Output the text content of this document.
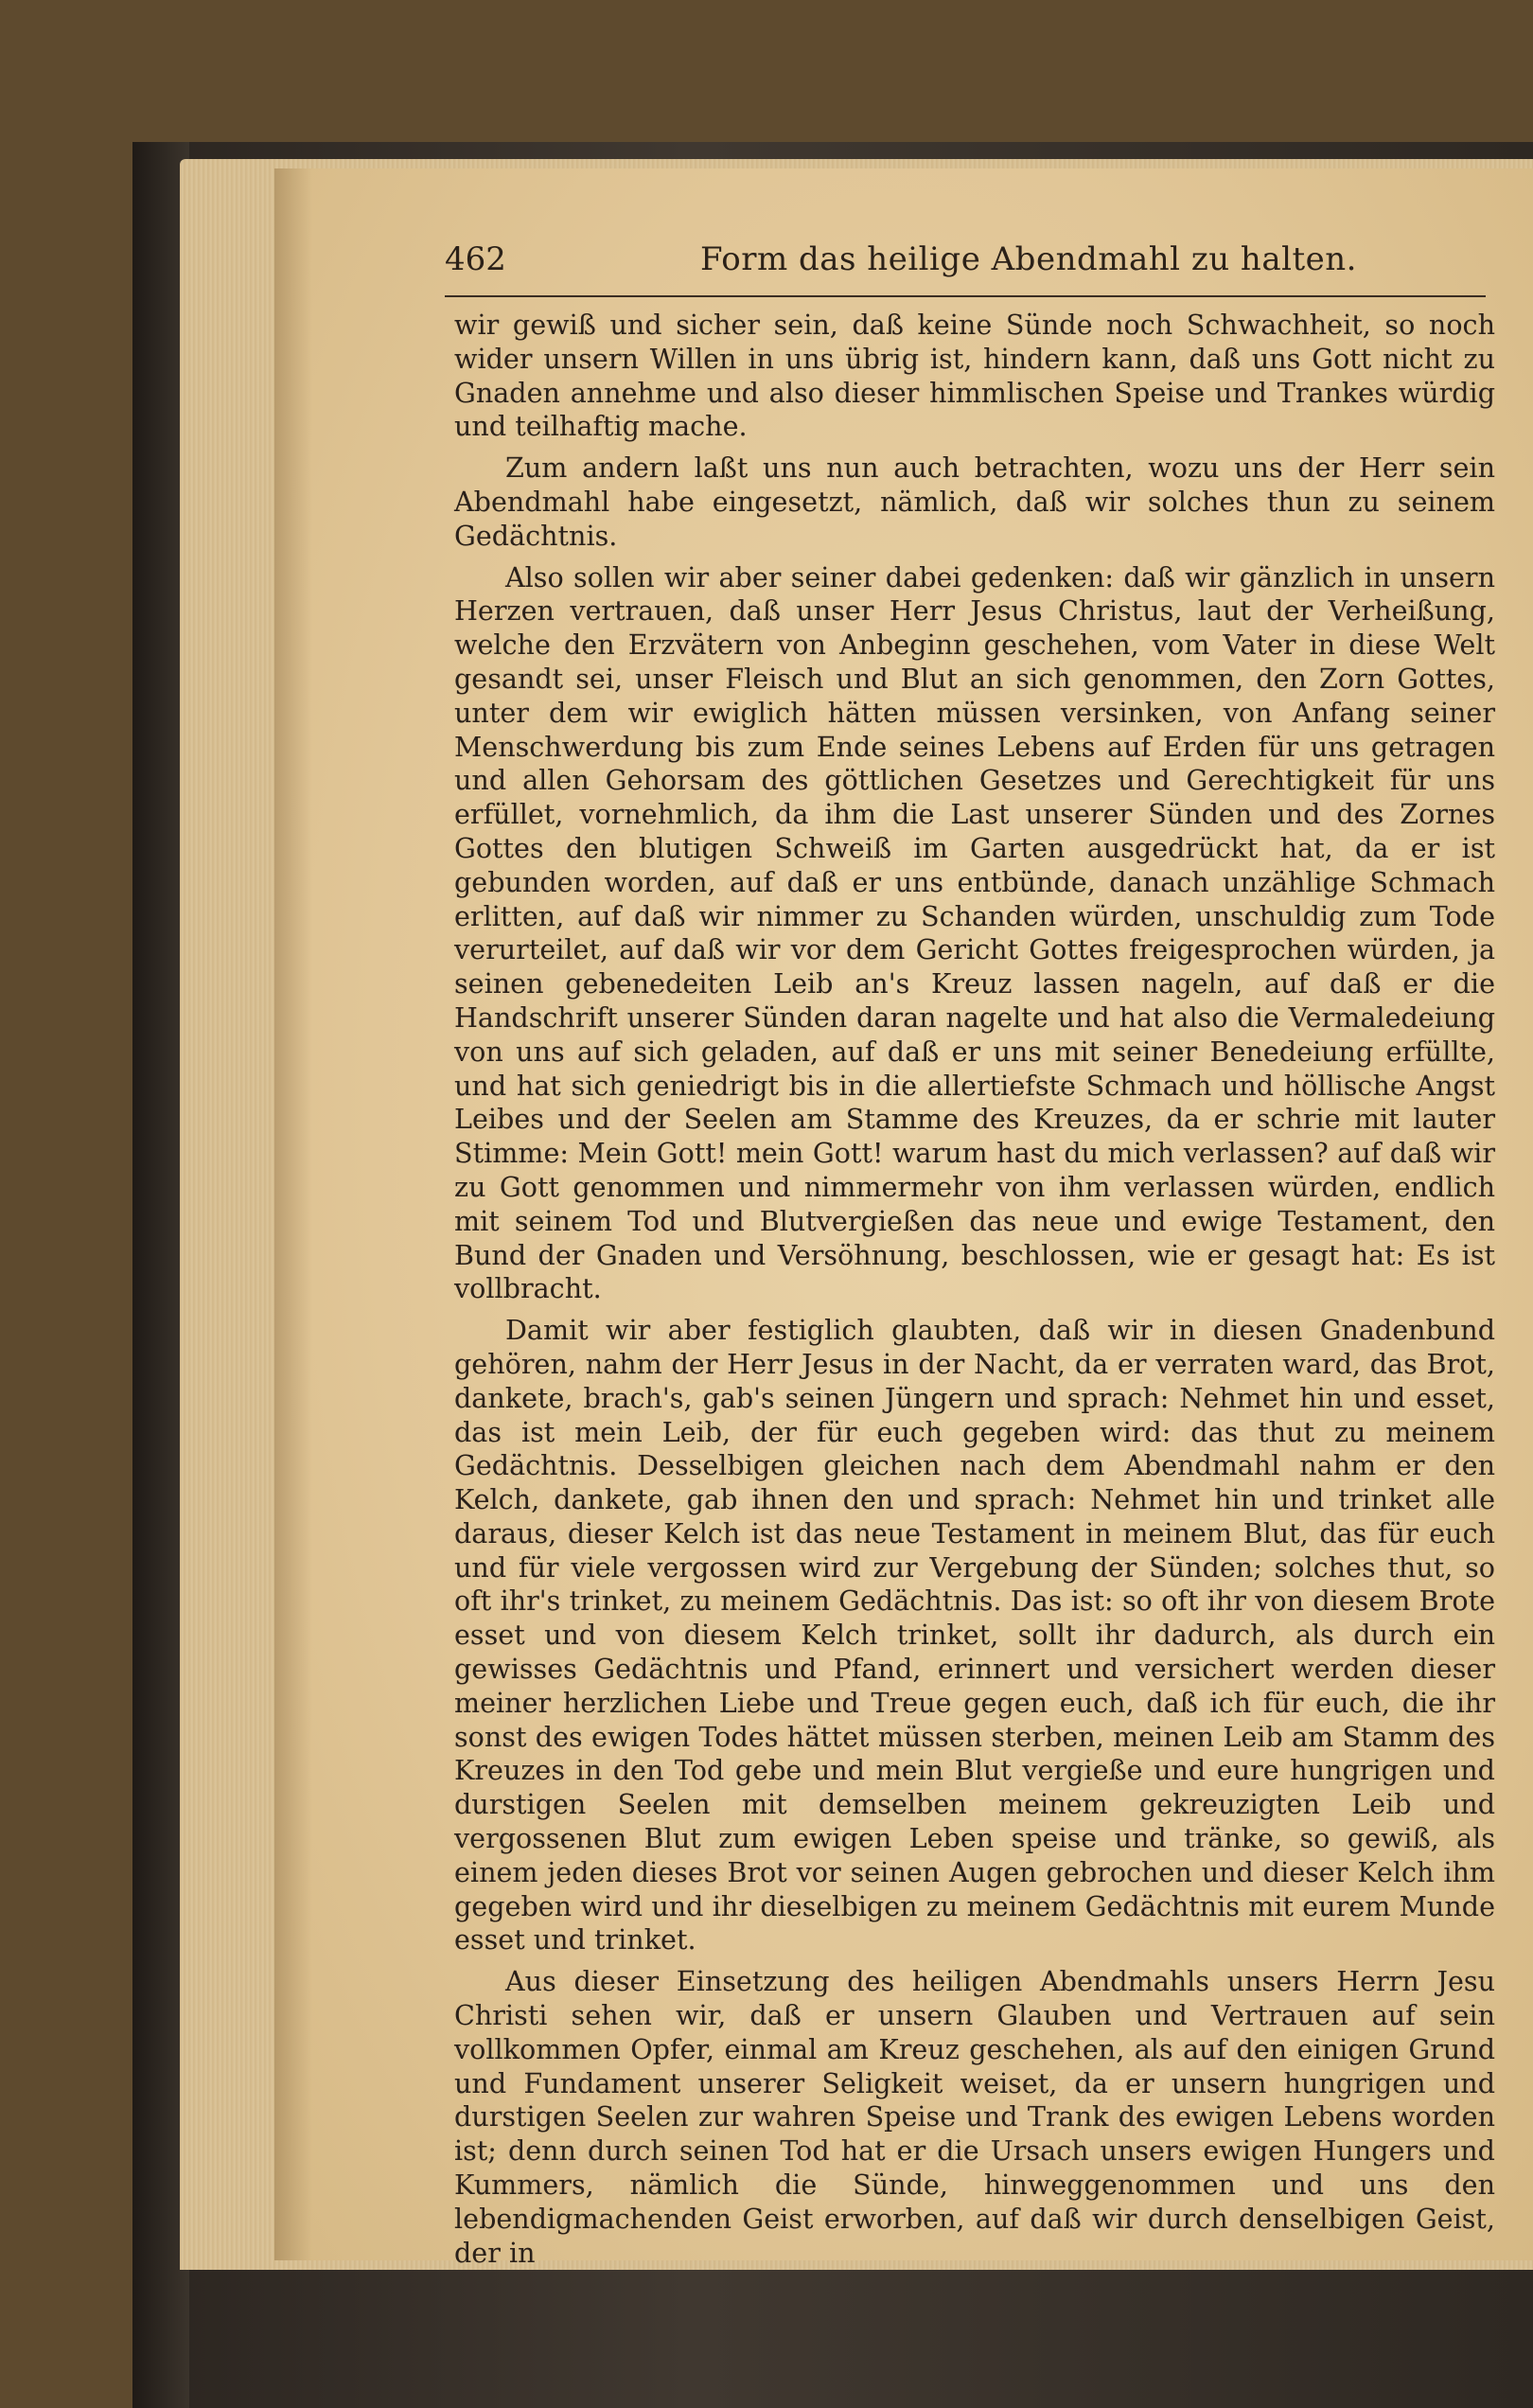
462	Form das heilige Abendmahl zu halten.

wir gewiß und sicher sein, daß keine Sünde noch Schwachheit, so noch wider unsern Willen in uns übrig ist, hindern kann, daß uns Gott nicht zu Gnaden annehme und also dieser himmlischen Speise und Trankes würdig und teilhaftig mache.

Zum andern laßt uns nun auch betrachten, wozu uns der Herr sein Abendmahl habe eingesetzt, nämlich, daß wir solches thun zu seinem Gedächtnis.

Also sollen wir aber seiner dabei gedenken: daß wir gänzlich in unsern Herzen vertrauen, daß unser Herr Jesus Christus, laut der Verheißung, welche den Erzvätern von Anbeginn geschehen, vom Vater in diese Welt gesandt sei, unser Fleisch und Blut an sich genommen, den Zorn Gottes, unter dem wir ewiglich hätten müssen versinken, von Anfang seiner Menschwerdung bis zum Ende seines Lebens auf Erden für uns getragen und allen Gehorsam des göttlichen Gesetzes und Gerechtigkeit für uns erfüllet, vornehmlich, da ihm die Last unserer Sünden und des Zornes Gottes den blutigen Schweiß im Garten ausgedrückt hat, da er ist gebunden worden, auf daß er uns entbünde, danach unzählige Schmach erlitten, auf daß wir nimmer zu Schanden würden, unschuldig zum Tode verurteilet, auf daß wir vor dem Gericht Gottes freigesprochen würden, ja seinen gebenedeiten Leib an's Kreuz lassen nageln, auf daß er die Handschrift unserer Sünden daran nagelte und hat also die Vermaledeiung von uns auf sich geladen, auf daß er uns mit seiner Benedeiung erfüllte, und hat sich geniedrigt bis in die allertiefste Schmach und höllische Angst Leibes und der Seelen am Stamme des Kreuzes, da er schrie mit lauter Stimme: Mein Gott! mein Gott! warum hast du mich verlassen? auf daß wir zu Gott genommen und nimmermehr von ihm verlassen würden, endlich mit seinem Tod und Blutvergießen das neue und ewige Testament, den Bund der Gnaden und Versöhnung, beschlossen, wie er gesagt hat: Es ist vollbracht.

Damit wir aber festiglich glaubten, daß wir in diesen Gnadenbund gehören, nahm der Herr Jesus in der Nacht, da er verraten ward, das Brot, dankete, brach's, gab's seinen Jüngern und sprach: Nehmet hin und esset, das ist mein Leib, der für euch gegeben wird: das thut zu meinem Gedächtnis. Desselbigen gleichen nach dem Abendmahl nahm er den Kelch, dankete, gab ihnen den und sprach: Nehmet hin und trinket alle daraus, dieser Kelch ist das neue Testament in meinem Blut, das für euch und für viele vergossen wird zur Vergebung der Sünden; solches thut, so oft ihr's trinket, zu meinem Gedächtnis. Das ist: so oft ihr von diesem Brote esset und von diesem Kelch trinket, sollt ihr dadurch, als durch ein gewisses Gedächtnis und Pfand, erinnert und versichert werden dieser meiner herzlichen Liebe und Treue gegen euch, daß ich für euch, die ihr sonst des ewigen Todes hättet müssen sterben, meinen Leib am Stamm des Kreuzes in den Tod gebe und mein Blut vergieße und eure hungrigen und durstigen Seelen mit demselben meinem gekreuzigten Leib und vergossenen Blut zum ewigen Leben speise und tränke, so gewiß, als einem jeden dieses Brot vor seinen Augen gebrochen und dieser Kelch ihm gegeben wird und ihr dieselbigen zu meinem Gedächtnis mit eurem Munde esset und trinket.

Aus dieser Einsetzung des heiligen Abendmahls unsers Herrn Jesu Christi sehen wir, daß er unsern Glauben und Vertrauen auf sein vollkommen Opfer, einmal am Kreuz geschehen, als auf den einigen Grund und Fundament unserer Seligkeit weiset, da er unsern hungrigen und durstigen Seelen zur wahren Speise und Trank des ewigen Lebens worden ist; denn durch seinen Tod hat er die Ursach unsers ewigen Hungers und Kummers, nämlich die Sünde, hinweggenommen und uns den lebendigmachenden Geist erworben, auf daß wir durch denselbigen Geist, der in
